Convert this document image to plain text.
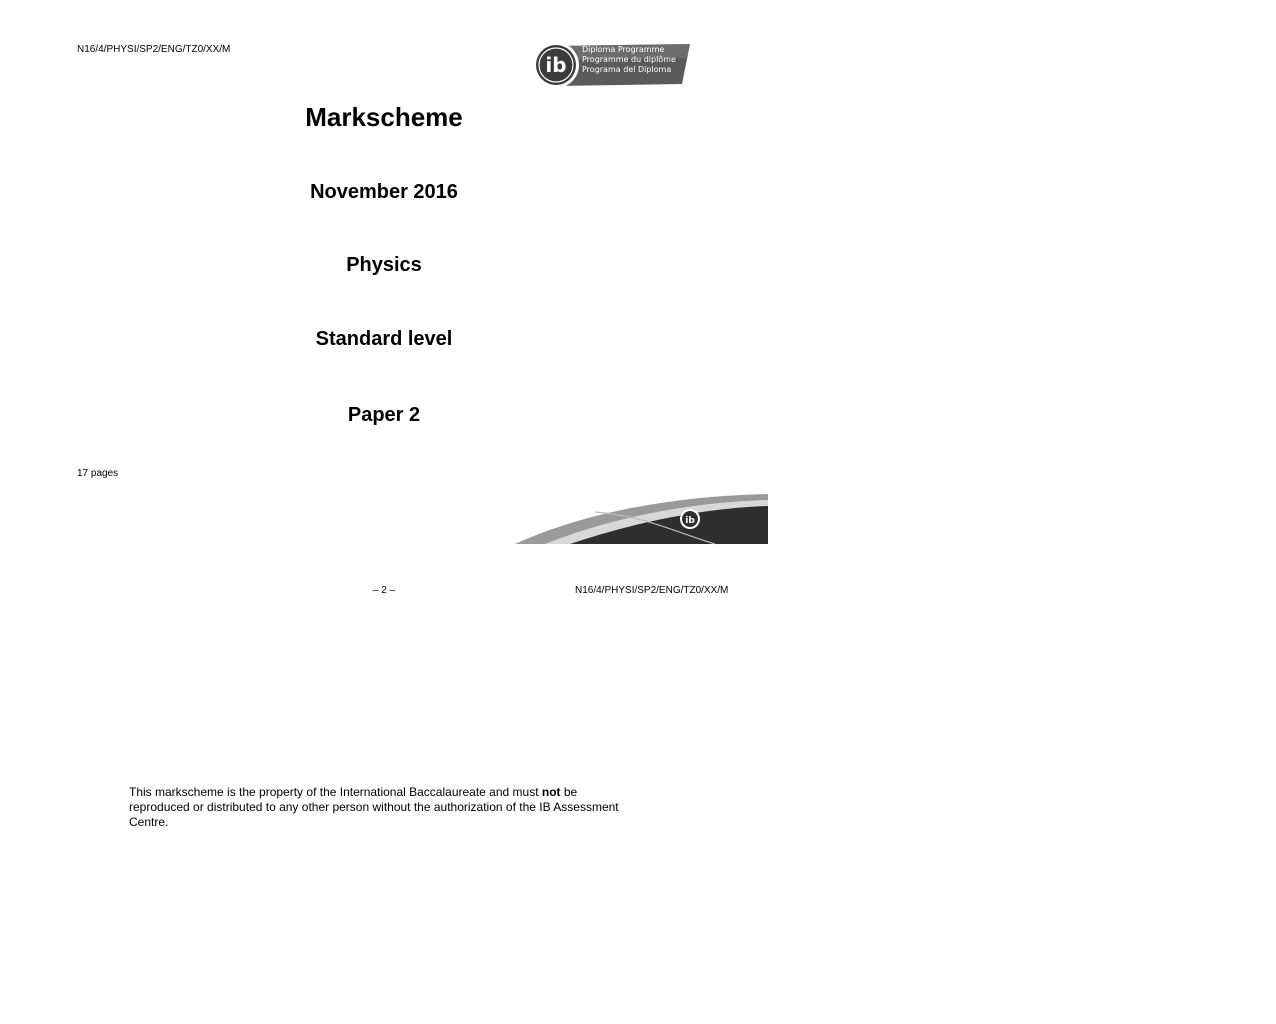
N16/4/PHYSI/SP2/ENG/TZ0/XX/M
ib
Diploma Programme
Programme du diplôme
Programa del Diploma
Markscheme
November 2016
Physics
Standard level
Paper 2
17 pages
ib
International Baccalaureate
Baccalauréat International
Bachillerato Internacional
– 2 –	N16/4/PHYSI/SP2/ENG/TZ0/XX/M
This markscheme is the property of the International Baccalaureate and must not be reproduced or distributed to any other person without the authorization of the IB Assessment Centre.
